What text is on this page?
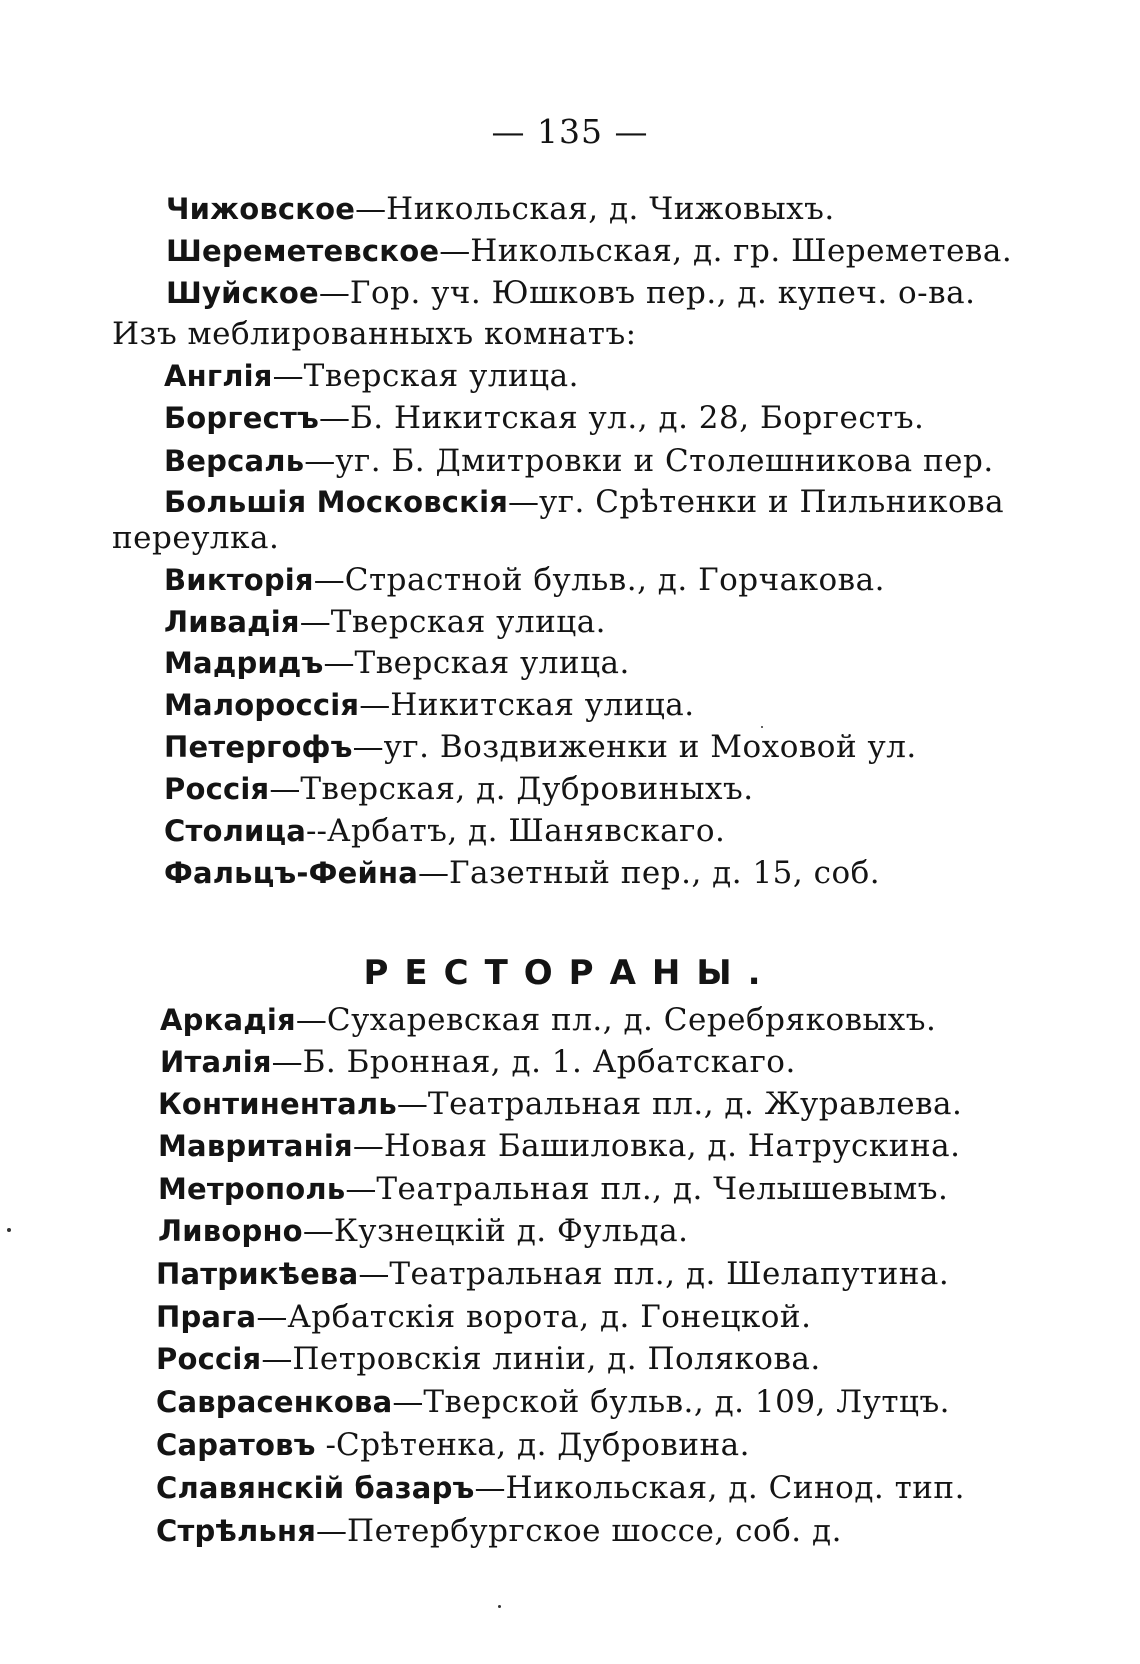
— 135 —
Чижовское—Никольская, д. Чижовыхъ.
Шереметевское—Никольская, д. гр. Шереметева.
Шуйское—Гор. уч. Юшковъ пер., д. купеч. о-ва.
Изъ меблированныхъ комнатъ:
Англія—Тверская улица.
Боргестъ—Б. Никитская ул., д. 28, Боргестъ.
Версаль—уг. Б. Дмитровки и Столешникова пер.
Большія Московскія—уг. Срѣтенки и Пильникова
переулка.
Викторія—Страстной бульв., д. Горчакова.
Ливадія—Тверская улица.
Мадридъ—Тверская улица.
Малороссія—Никитская улица.
Петергофъ—уг. Воздвиженки и Моховой ул.
Россія—Тверская, д. Дубровиныхъ.
Столица--Арбатъ, д. Шанявскаго.
Фальцъ-Фейна—Газетный пер., д. 15, соб.
РЕСТОРАНЫ.
Аркадія—Сухаревская пл., д. Серебряковыхъ.
Италія—Б. Бронная, д. 1. Арбатскаго.
Континенталь—Театральная пл., д. Журавлева.
Мавританія—Новая Башиловка, д. Натрускина.
Метрополь—Театральная пл., д. Челышевымъ.
Ливорно—Кузнецкій д. Фульда.
Патрикѣева—Театральная пл., д. Шелапутина.
Прага—Арбатскія ворота, д. Гонецкой.
Россія—Петровскія линіи, д. Полякова.
Саврасенкова—Тверской бульв., д. 109, Лутцъ.
Саратовъ -Срѣтенка, д. Дубровина.
Славянскій базаръ—Никольская, д. Синод. тип.
Стрѣльня—Петербургское шоссе, соб. д.
